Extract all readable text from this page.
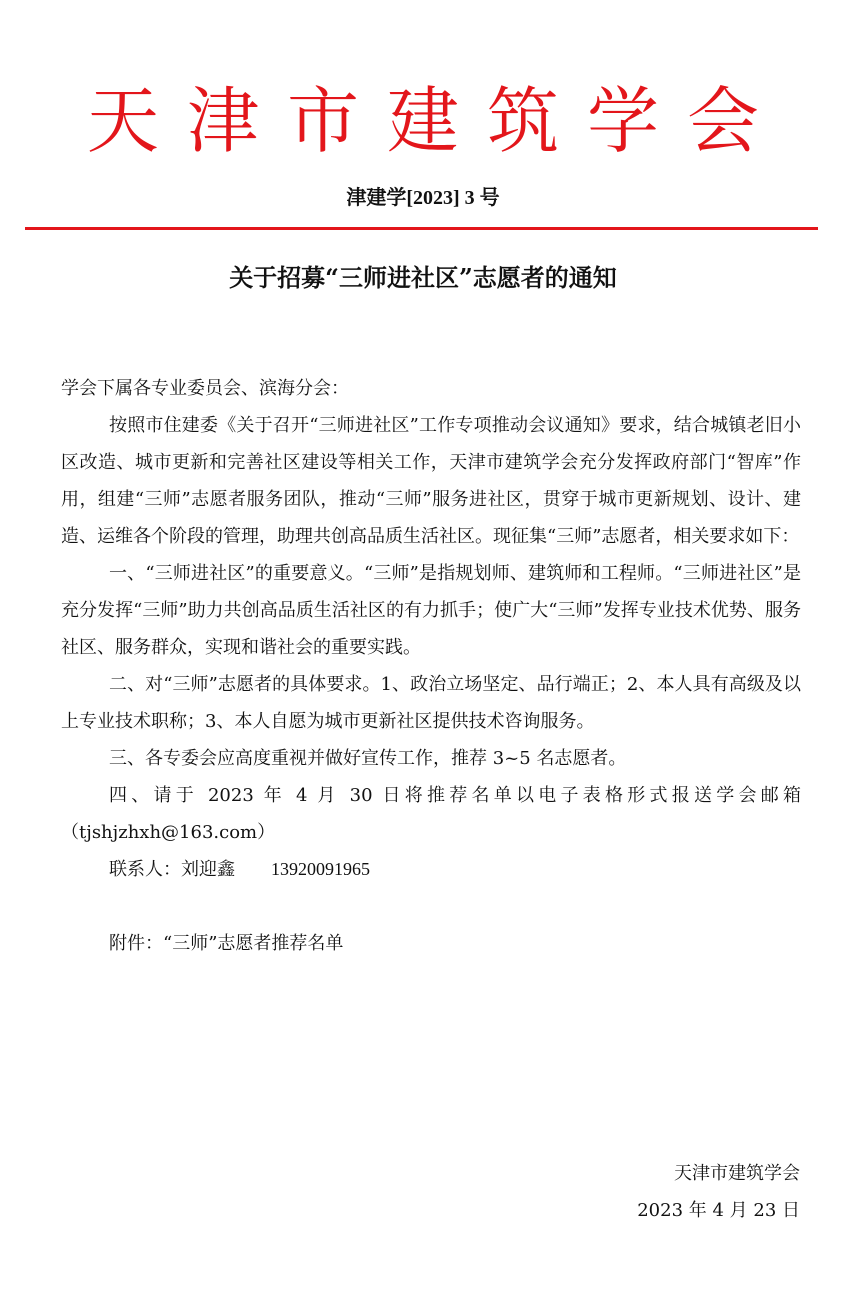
天津市建筑学会
津建学[2023] 3 号
关于招募“三师进社区”志愿者的通知

学会下属各专业委员会、滨海分会：

按照市住建委《关于召开“三师进社区”工作专项推动会议通知》要求，结合城镇老旧小区改造、城市更新和完善社区建设等相关工作，天津市建筑学会充分发挥政府部门“智库”作用，组建“三师”志愿者服务团队，推动“三师”服务进社区，贯穿于城市更新规划、设计、建造、运维各个阶段的管理，助理共创高品质生活社区。现征集“三师”志愿者，相关要求如下：

一、“三师进社区”的重要意义。“三师”是指规划师、建筑师和工程师。“三师进社区”是充分发挥“三师”助力共创高品质生活社区的有力抓手；使广大“三师”发挥专业技术优势、服务社区、服务群众，实现和谐社会的重要实践。

二、对“三师”志愿者的具体要求。1、政治立场坚定、品行端正；2、本人具有高级及以上专业技术职称；3、本人自愿为城市更新社区提供技术咨询服务。

三、各专委会应高度重视并做好宣传工作，推荐 3~5 名志愿者。

四、请于 2023 年 4 月 30 日将推荐名单以电子表格形式报送学会邮箱（tjshjzhxh@163.com）

联系人：刘迎鑫 13920091965

附件：“三师”志愿者推荐名单

天津市建筑学会
2023 年 4 月 23 日
